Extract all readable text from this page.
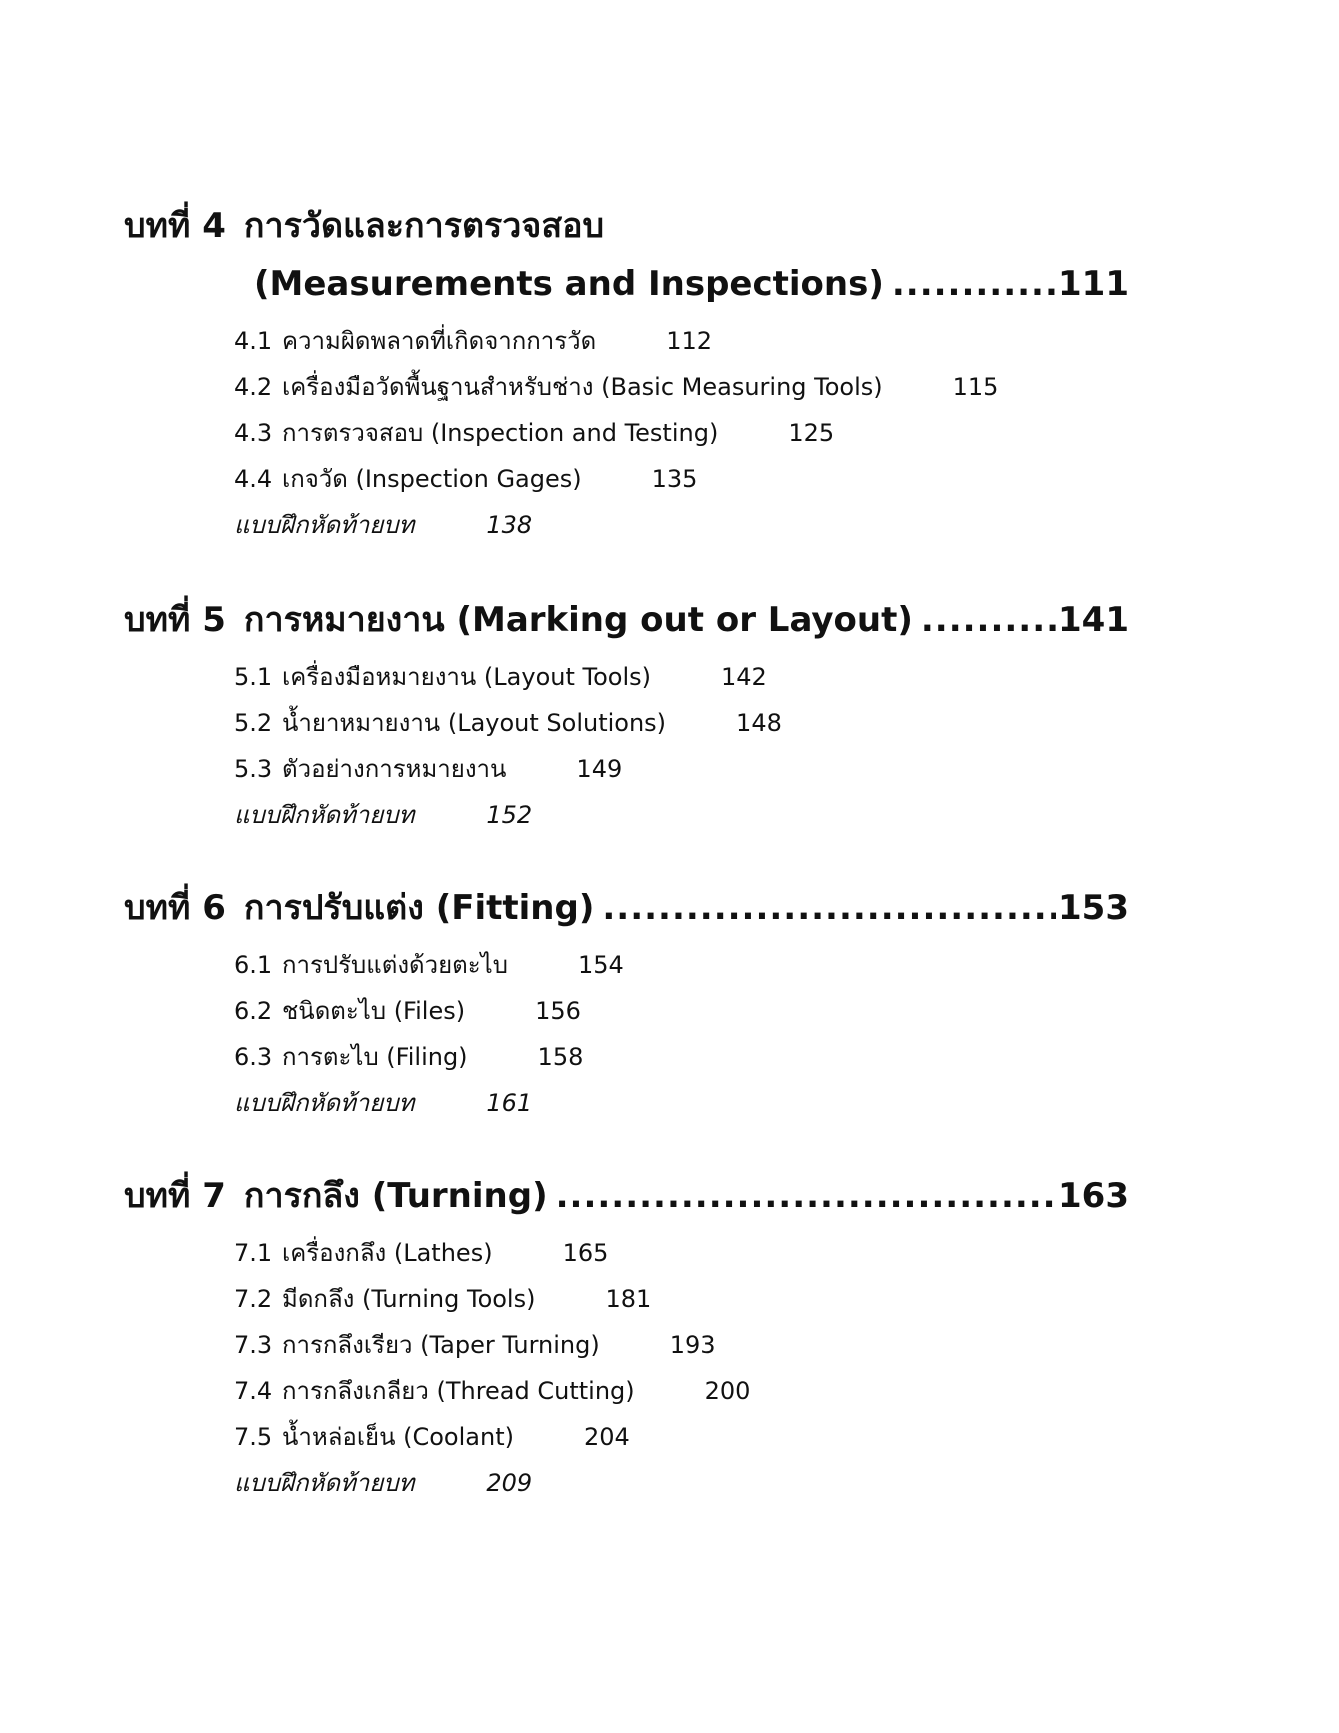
บทที่ 4 การวัดและการตรวจสอบ
(Measurements and Inspections) .....	111
4.1 ความผิดพลาดที่เกิดจากการวัด	112
4.2 เครื่องมือวัดพื้นฐานสำหรับช่าง (Basic Measuring Tools)	115
4.3 การตรวจสอบ (Inspection and Testing)	125
4.4 เกจวัด (Inspection Gages)	135
แบบฝึกหัดท้ายบท	138
บทที่ 5 การหมายงาน (Marking out or Layout) .....	141
5.1 เครื่องมือหมายงาน (Layout Tools)	142
5.2 น้ำยาหมายงาน (Layout Solutions)	148
5.3 ตัวอย่างการหมายงาน	149
แบบฝึกหัดท้ายบท	152
บทที่ 6 การปรับแต่ง (Fitting) .....	153
6.1 การปรับแต่งด้วยตะไบ	154
6.2 ชนิดตะไบ (Files)	156
6.3 การตะไบ (Filing)	158
แบบฝึกหัดท้ายบท	161
บทที่ 7 การกลึง (Turning) .....	163
7.1 เครื่องกลึง (Lathes)	165
7.2 มีดกลึง (Turning Tools)	181
7.3 การกลึงเรียว (Taper Turning)	193
7.4 การกลึงเกลียว (Thread Cutting)	200
7.5 น้ำหล่อเย็น (Coolant)	204
แบบฝึกหัดท้ายบท	209
